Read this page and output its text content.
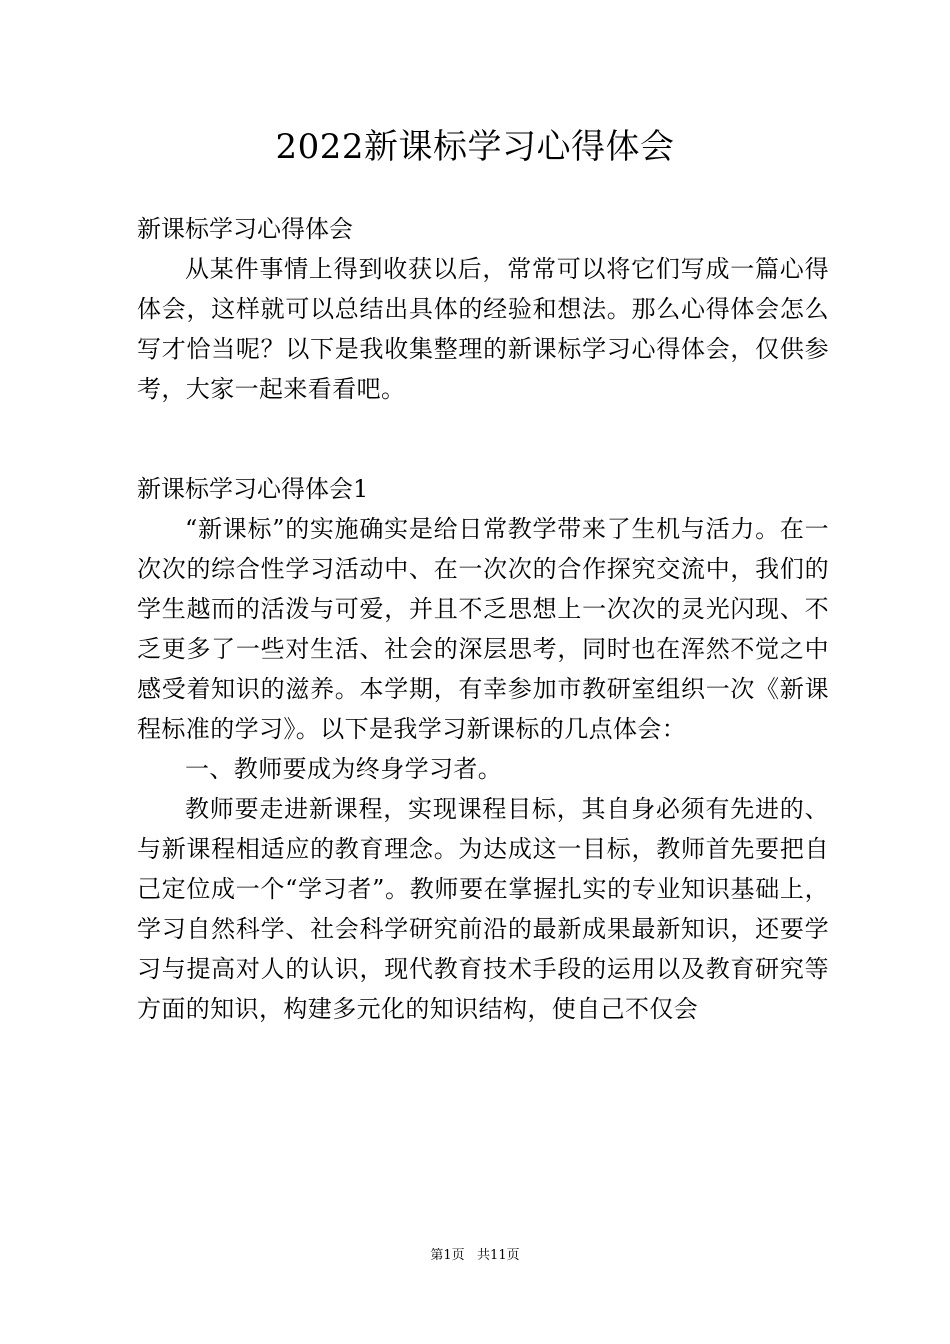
2022新课标学习心得体会

新课标学习心得体会

从某件事情上得到收获以后，常常可以将它们写成一篇心得体会，这样就可以总结出具体的经验和想法。那么心得体会怎么写才恰当呢？以下是我收集整理的新课标学习心得体会，仅供参考，大家一起来看看吧。

新课标学习心得体会1

“新课标”的实施确实是给日常教学带来了生机与活力。在一次次的综合性学习活动中、在一次次的合作探究交流中，我们的学生越而的活泼与可爱，并且不乏思想上一次次的灵光闪现、不乏更多了一些对生活、社会的深层思考，同时也在浑然不觉之中感受着知识的滋养。本学期，有幸参加市教研室组织一次《新课程标准的学习》。以下是我学习新课标的几点体会：

一、教师要成为终身学习者。

教师要走进新课程，实现课程目标，其自身必须有先进的、与新课程相适应的教育理念。为达成这一目标，教师首先要把自己定位成一个“学习者”。教师要在掌握扎实的专业知识基础上，学习自然科学、社会科学研究前沿的最新成果最新知识，还要学习与提高对人的认识，现代教育技术手段的运用以及教育研究等方面的知识，构建多元化的知识结构，使自己不仅会

第1页   共11页
